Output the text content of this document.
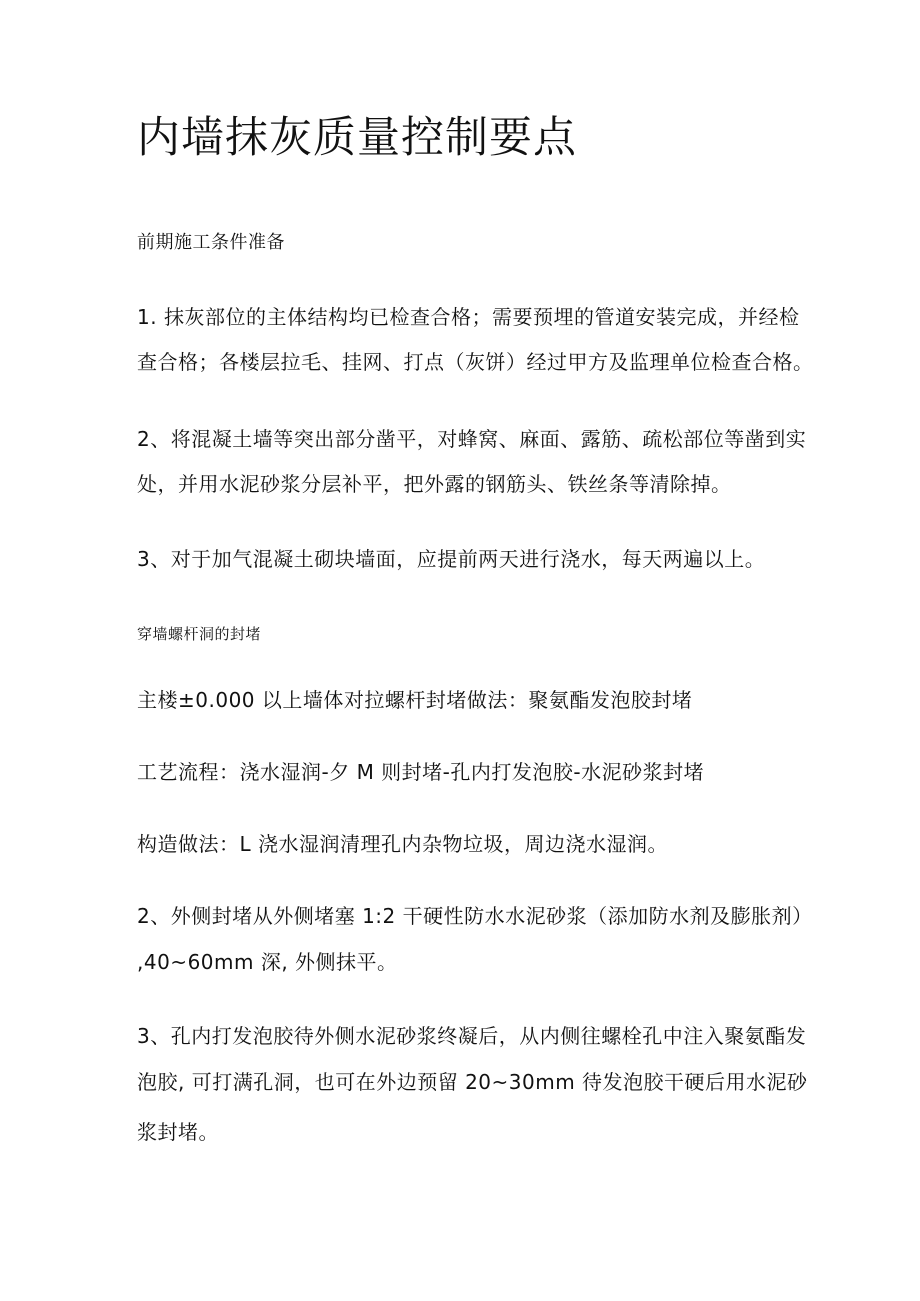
内墙抹灰质量控制要点
前期施工条件准备
1. 抹灰部位的主体结构均已检查合格；需要预埋的管道安装完成，并经检
查合格；各楼层拉毛、挂网、打点（灰饼）经过甲方及监理单位检查合格。
2、将混凝土墙等突出部分凿平，对蜂窝、麻面、露筋、疏松部位等凿到实
处，并用水泥砂浆分层补平，把外露的钢筋头、铁丝条等清除掉。
3、对于加气混凝土砌块墙面，应提前两天进行浇水，每天两遍以上。
穿墙螺杆洞的封堵
主楼±0.000 以上墙体对拉螺杆封堵做法：聚氨酯发泡胶封堵
工艺流程：浇水湿润-夕 M 则封堵-孔内打发泡胶-水泥砂浆封堵
构造做法：L 浇水湿润清理孔内杂物垃圾，周边浇水湿润。
2、外侧封堵从外侧堵塞 1:2 干硬性防水水泥砂浆（添加防水剂及膨胀剂）
,40~60mm 深, 外侧抹平。
3、孔内打发泡胶待外侧水泥砂浆终凝后，从内侧往螺栓孔中注入聚氨酯发
泡胶, 可打满孔洞，也可在外边预留 20~30mm 待发泡胶干硬后用水泥砂
浆封堵。
